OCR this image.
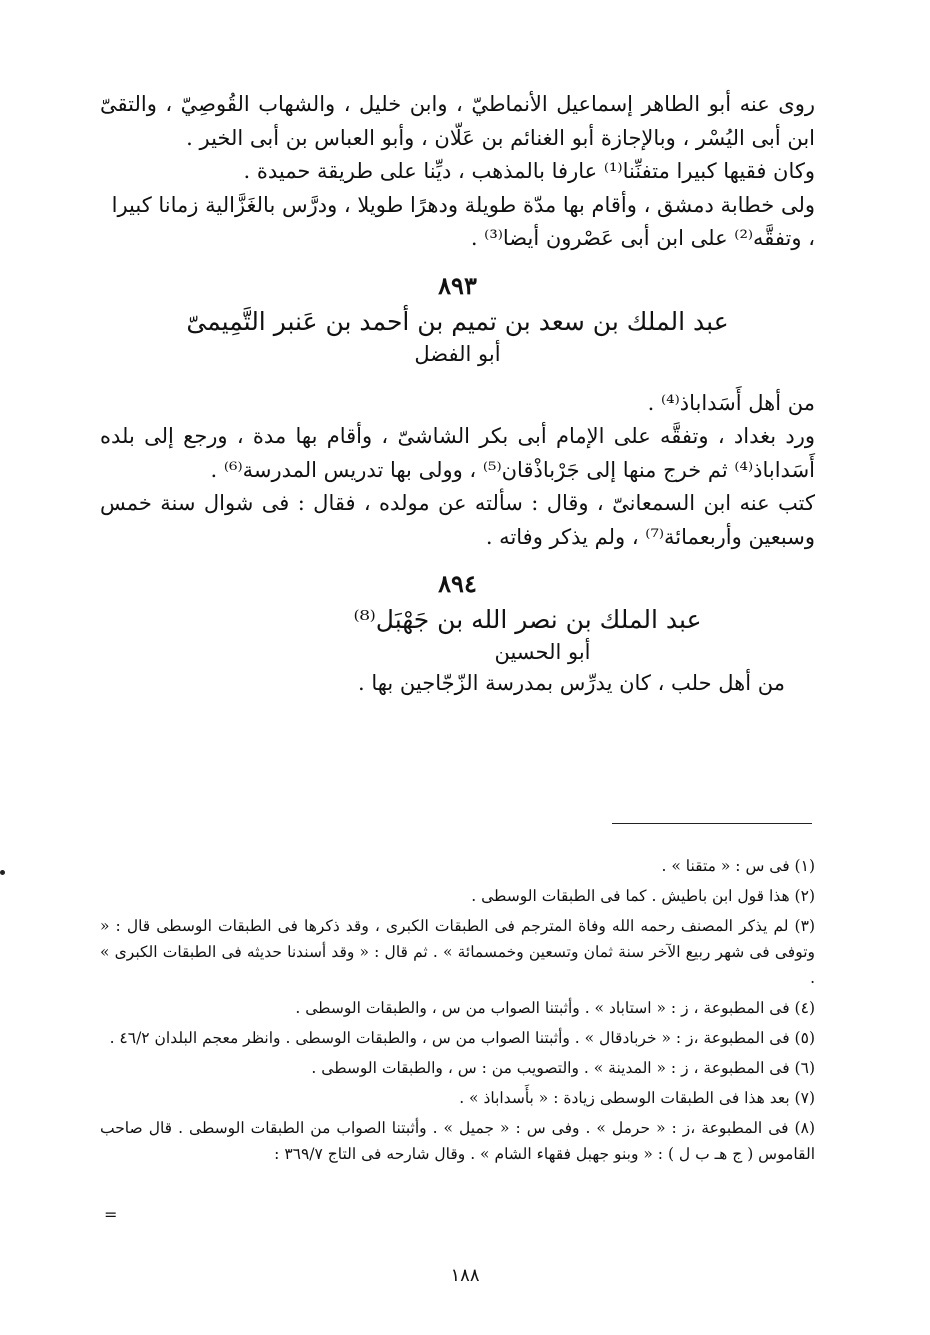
روى عنه أبو الطاهر إسماعيل الأنماطيّ ، وابن خليل ، والشهاب القُوصِيّ ، والتقىّ ابن أبى اليُسْر ، وبالإجازة أبو الغنائم بن عَلّان ، وأبو العباس بن أبى الخير .

وكان فقيها كبيرا متفنِّنا⁽¹⁾ عارفا بالمذهب ، ديِّنا على طريقة حميدة .

ولى خطابة دمشق ، وأقام بها مدّة طويلة ودهرًا طويلا ، ودرَّس بالغَزَّالية زمانا كبيرا ، وتفقَّه⁽²⁾ على ابن أبى عَصْرون أيضا⁽³⁾ .

٨٩٣
عبد الملك بن سعد بن تميم بن أحمد بن عَنبر التَّمِيمىّ
أبو الفضل

من أهل أَسَداباذ⁽⁴⁾ .

ورد بغداد ، وتفقَّه على الإمام أبى بكر الشاشىّ ، وأقام بها مدة ، ورجع إلى بلده أَسَداباذ⁽⁴⁾ ثم خرج منها إلى جَرْباذْقان⁽⁵⁾ ، وولى بها تدريس المدرسة⁽⁶⁾ .

كتب عنه ابن السمعانىّ ، وقال : سألته عن مولده ، فقال : فى شوال سنة خمس وسبعين وأربعمائة⁽⁷⁾ ، ولم يذكر وفاته .

٨٩٤
عبد الملك بن نصر الله بن جَهْبَل⁽⁸⁾
أبو الحسين

من أهل حلب ، كان يدرِّس بمدرسة الزّجّاجين بها .

(١) فى س : « متقنا » .

(٢) هذا قول ابن باطيش . كما فى الطبقات الوسطى .

(٣) لم يذكر المصنف رحمه الله وفاة المترجم فى الطبقات الكبرى ، وقد ذكرها فى الطبقات الوسطى قال : « وتوفى فى شهر ربيع الآخر سنة ثمان وتسعين وخمسمائة » . ثم قال : « وقد أسندنا حديثه فى الطبقات الكبرى » .

(٤) فى المطبوعة ، ز : « استاباد » . وأثبتنا الصواب من س ، والطبقات الوسطى .

(٥) فى المطبوعة ،ز : « خربادقال » . وأثبتنا الصواب من س ، والطبقات الوسطى . وانظر معجم البلدان ٤٦/٢ .

(٦) فى المطبوعة ، ز : « المدينة » . والتصويب من : س ، والطبقات الوسطى .

(٧) بعد هذا فى الطبقات الوسطى زيادة : « بأَسداباذ » .

(٨) فى المطبوعة ،ز : « حرمل » . وفى س : « جميل » . وأثبتنا الصواب من الطبقات الوسطى . قال صاحب القاموس ( ج هـ ب ل ) : « وبنو جهبل فقهاء الشام » . وقال شارحه فى التاج ٣٦٩/٧ :

=
١٨٨
